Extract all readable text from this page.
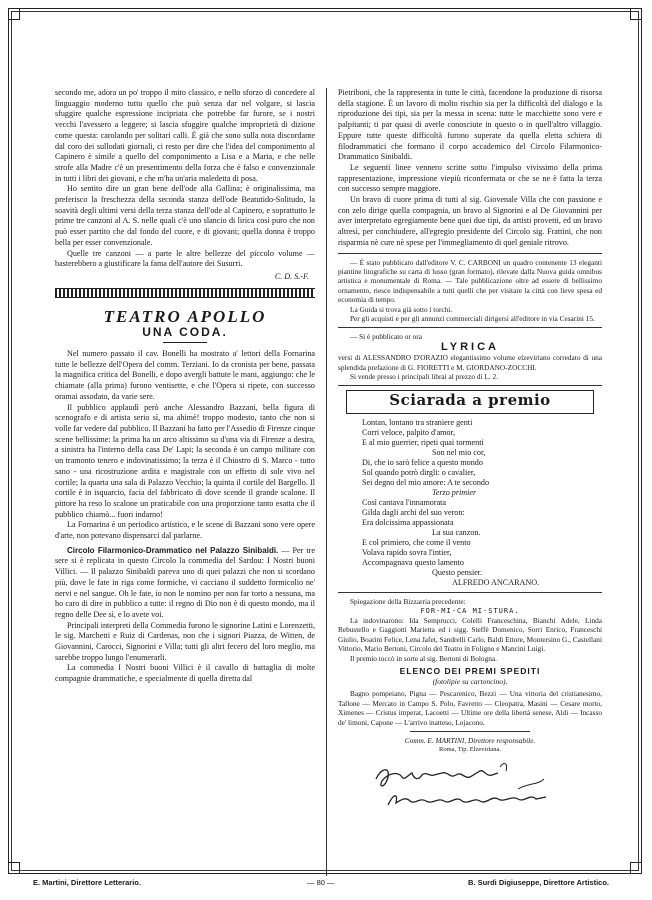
secondo me, adora un po' troppo il mito classico, e nello sforzo di concedere al linguaggio moderno tutto quello che può senza dar nel volgare, si lascia sfuggire qualche espressione incipriata che potrebbe far furore, se i nostri vecchi l'avessero a leggere; si lascia sfuggire qualche improprietà di dizione come questa: carolando per solitari calli. È già che sono sulla nota discordante dal coro dei sullodati giornali, ci resto per dire che l'idea del componimento al Capinero è simile a quello del componimento a Lisa e a Maria, e che nelle strofe alla Madre c'è un presentimento della forza che è falso e convenzionale in tutti i libri dei giovani, e che m'ha un'aria maledetta di posa.

Ho sentito dire un gran bene dell'ode alla Gallina; è originalissima, ma preferisco la freschezza della seconda stanza dell'ode Beatutido-Solitudo, la soavità degli ultimi versi della terza stanza dell'ode al Capinero, e soprattutto le prime tre canzoni al A. S. nelle quali c'è uno slancio di lirica così puro che non può esser partito che dal fondo del cuore, e di giovani; quella donna è troppo bella per esser convenzionale.

Quelle tre canzoni — a parte le altre bellezze del piccolo volume — basterebbero a giustificare la fama dell'autore dei Susurri.

C. D. S.-F.
TEATRO APOLLO
UNA CODA.

Nel numero passato il cav. Bonelli ha mostrato a' lettori della Fornarina tutte le bellezze dell'Opera del comm. Terziani. Io da cronista per bene, passata la magnifica critica del Bonelli, e dopo avergli battute le mani, aggiungo: che le chiamate (alla prima) furono ventisette, e che l'Opera si ripete, con successo oramai assodato, da varie sere.

Il pubblico applaudì però anche Alessandro Bazzani, bella figura di scenografo e di artista serio sì, ma ahimè! troppo modesto, tanto che non si volle far vedere dal pubblico. Il Bazzani ha fatto per l'Assedio di Firenze cinque scene bellissime: la prima ha un arco altissimo su d'una via di Firenze a destra, a sinistra ha l'interno della casa De' Lapi; la seconda è un campo militare con un tramonto tenero e indovinatissimo; la terza è il Chiostro di S. Marco - tutto sano - una ricostruzione ardita e magistrale con un effetto di sole vivo nel cortile; la quarta una sala di Palazzo Vecchio; la quinta il cortile del Bargello. Il cortile è in isquarcio, facia del fabbricato di dove scende il grande scalone. Il pittore ha reso lo scalone un praticabile con una proporzione tanto esatta che il pubblico chiamò... fuori indarno!

La Fornarina è un periodico artistico, e le scene di Bazzani sono vere opere d'arte, non potevano dispensarci dal parlarne.

Circolo Filarmonico-Drammatico nel Palazzo Sinibaldi. — Per tre sere si è replicata in questo Circolo la commedia del Sardou: I Nostri buoni Villici. — Il palazzo Sinibaldi pareva uno di quei palazzi che non si scordano più, dove le fate in riga come formiche, vi cacciano il suddetto formicolio ne' nervi e nel sangue. Oh le fate, io non le nomino per non far torto a nessuna, ma ho caro di dire in pubblico a tutte: il regno di Dio non è di questo mondo, ma il regno delle Dee sì, e lo avete voi.

Principali interpreti della Commedia furono le signorine Latini e Lorenzetti, le sig. Marchetti e Ruiz di Cardenas, non che i signori Piazza, de Witten, de Giovannini, Carocci, Signorini e Villa; tutti gli altri fecero del loro meglio, ma sarebbe troppo lungo l'enumerarli.

La commedia I Nostri buoni Villici è il cavallo di battaglia di molte compagnie drammatiche, e specialmente di quella diretta dal

Pietriboni, che la rappresenta in tutte le città, facendone la produzione di risorsa della stagione. È un lavoro di molto rischio sia per la difficoltà del dialogo e la riproduzione dei tipi, sia per la messa in scena: tutte le macchiette sono vere e palpitanti; ti par quasi di averle conosciute in questo o in quell'altro villaggio. Eppure tutte queste difficoltà furono superate da quella eletta schiera di filodrammatici che formano il corpo accademico del Circolo Filarmonico-Drammatico Sinibaldi.

Le seguenti linee vennero scritte sotto l'impulso vivissimo della prima rappresentazione, impressione viepiù riconfermata or che se ne è fatta la terza con successo sempre maggiore.

Un bravo di cuore prima di tutti al sig. Giovenale Villa che con passione e con zelo dirige quella compagnia, un bravo al Signorini e al De Giovannini per aver interpretato egregiamente bene quei due tipi, da artisti provetti, ed un bravo altresì, per conchiudere, all'egregio presidente del Circolo sig. Frattini, che non risparmia nè cure nè spese per l'immegliamento di quel geniale ritrovo.

— È stato pubblicato dall'editore V. C. CARBONI un quadro contenente 13 eleganti piantine litografiche su carta di lusso (gran formato), rilevate dalla Nuova guida omnibus artistica e monumentale di Roma. — Tale pubblicazione oltre ad essere di bellissimo ornamento, riesce indispensabile a tutti quelli che per visitare la città con lieve spesa ed economia di tempo.

La Guida si trova già sotto i torchi.

Per gli acquisti e per gli annunzi commerciali dirigersi all'editore in via Cesarini 15.

— Si è pubblicato or ora

LYRICA

versi di ALESSANDRO D'ORAZIO elegantissimo volume elzeviriano corredato di una splendida prefazione di G. FIORETTI e M. GIORDANO-ZOCCHI.

Si vende presso i principali librai al prezzo di L. 2.

Sciarada a premio
Lontan, lontano tra straniere genti
Corri veloce, palpito d'amor,
E al mio guerrier, ripeti quai tormenti
Son nel mio cor,
Di, che io sarò felice a questo mondo
Sol quando potrò dirgli: o cavalier,
Sei degno del mio amore: A te secondo
Terzo primier
Così cantava l'innamorata
Gilda dagli archi del suo veron:
Era dolcissima appassionata
La sua canzon.
E col primiero, che come il vento
Volava rapido sovra l'intier,
Accompagnava questo lamento
Questo pensier.
ALFREDO ANCARANO.

Spiegazione della Bizzarria precedente:

FOR-MI-CA MI-STURA.

La indovinarono: Ida Semprucci, Colelli Franceschina, Bianchi Adele, Linda Rebustello e Gaggiotti Marietta ed i sigg. Steffè Domenico, Sorri Enrico, Franceschi Giulio, Boarini Felice, Lena Jafet, Sandrelli Carlo, Baldi Ettore, Montersino G., Castellani Vittorio, Mario Bertoni, Circolo del Teatro in Foligno e Mancini Luigi.

Il premio toccò in sorte al sig. Bertoni di Bologna.

ELENCO DEI PREMI SPEDITI
(fotolipie su cartoncino).

Bagno pompeiano, Pigna — Pescarenico, Bezzi — Una vittoria del cristianesimo, Tallone — Mercato in Campo S. Polo, Favretto — Cleopatra, Masini — Cesare morto, Ximenes — Cristus imperat, Lacoetti — Ultime ore della libertà senese, Aldi — Incasso de' limoni, Capone — L'arrivo inatteso, Lojacono.

Comm. E. MARTINI, Direttore responsabile.
Roma, Tip. Elzeviriana.
E. Martini, Direttore Letterario.	— 80 —	B. Surdi Digiuseppe, Direttore Artistico.
